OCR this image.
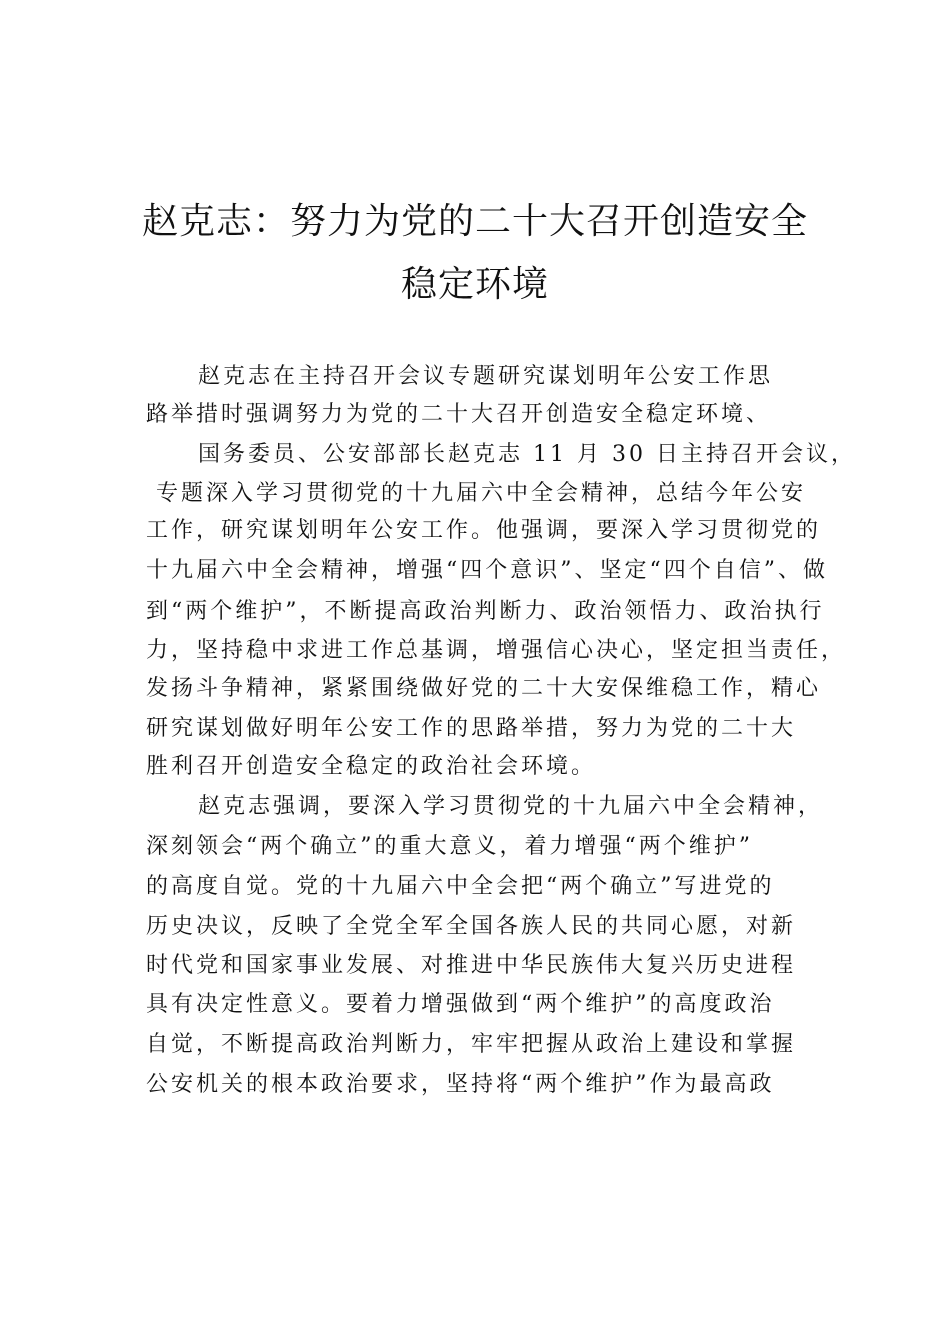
赵克志：努力为党的二十大召开创造安全
稳定环境
赵克志在主持召开会议专题研究谋划明年公安工作思
路举措时强调努力为党的二十大召开创造安全稳定环境、
国务委员、公安部部长赵克志 11 月 30 日主持召开会议，
专题深入学习贯彻党的十九届六中全会精神，总结今年公安
工作，研究谋划明年公安工作。他强调，要深入学习贯彻党的
十九届六中全会精神，增强“四个意识”、坚定“四个自信”、做
到“两个维护”，不断提高政治判断力、政治领悟力、政治执行
力，坚持稳中求进工作总基调，增强信心决心，坚定担当责任，
发扬斗争精神，紧紧围绕做好党的二十大安保维稳工作，精心
研究谋划做好明年公安工作的思路举措，努力为党的二十大
胜利召开创造安全稳定的政治社会环境。
赵克志强调，要深入学习贯彻党的十九届六中全会精神，
深刻领会“两个确立”的重大意义，着力增强“两个维护”
的高度自觉。党的十九届六中全会把“两个确立”写进党的
历史决议，反映了全党全军全国各族人民的共同心愿，对新
时代党和国家事业发展、对推进中华民族伟大复兴历史进程
具有决定性意义。要着力增强做到“两个维护”的高度政治
自觉，不断提高政治判断力，牢牢把握从政治上建设和掌握
公安机关的根本政治要求，坚持将“两个维护”作为最高政
